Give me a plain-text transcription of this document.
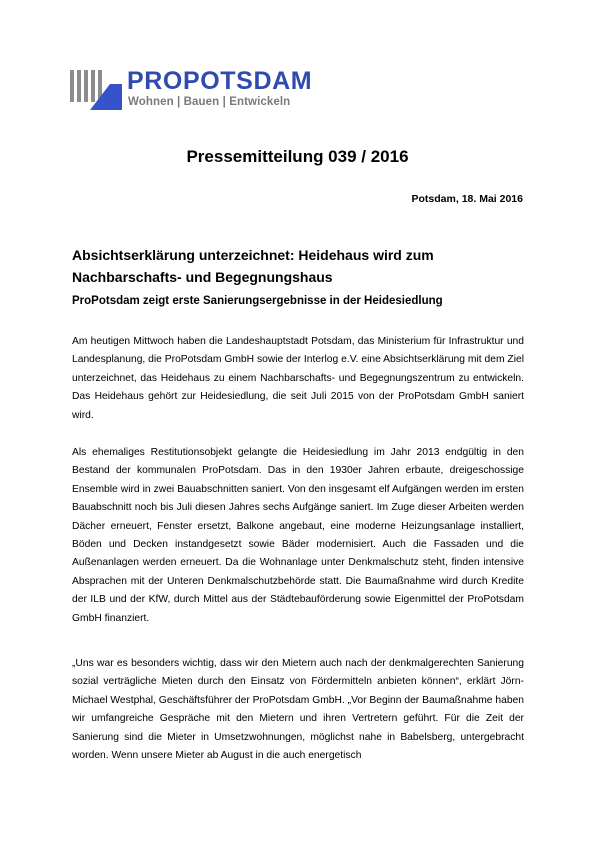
PROPOTSDAM
Wohnen | Bauen | Entwickeln
Pressemitteilung 039 / 2016

Potsdam, 18. Mai 2016

Absichtserklärung unterzeichnet: Heidehaus wird zum Nachbarschafts- und Begegnungshaus
ProPotsdam zeigt erste Sanierungsergebnisse in der Heidesiedlung

Am heutigen Mittwoch haben die Landeshauptstadt Potsdam, das Ministerium für Infrastruktur und Landesplanung, die ProPotsdam GmbH sowie der Interlog e.V. eine Absichtserklärung mit dem Ziel unterzeichnet, das Heidehaus zu einem Nachbarschafts- und Begegnungszentrum zu entwickeln. Das Heidehaus gehört zur Heidesiedlung, die seit Juli 2015 von der ProPotsdam GmbH saniert wird.

Als ehemaliges Restitutionsobjekt gelangte die Heidesiedlung im Jahr 2013 endgültig in den Bestand der kommunalen ProPotsdam. Das in den 1930er Jahren erbaute, dreigeschossige Ensemble wird in zwei Bauabschnitten saniert. Von den insgesamt elf Aufgängen werden im ersten Bauabschnitt noch bis Juli diesen Jahres sechs Aufgänge saniert. Im Zuge dieser Arbeiten werden Dächer erneuert, Fenster ersetzt, Balkone angebaut, eine moderne Heizungsanlage installiert, Böden und Decken instandgesetzt sowie Bäder modernisiert. Auch die Fassaden und die Außenanlagen werden erneuert. Da die Wohnanlage unter Denkmalschutz steht, finden intensive Absprachen mit der Unteren Denkmalschutzbehörde statt. Die Baumaßnahme wird durch Kredite der ILB und der KfW, durch Mittel aus der Städtebauförderung sowie Eigenmittel der ProPotsdam GmbH finanziert.

„Uns war es besonders wichtig, dass wir den Mietern auch nach der denkmalgerechten Sanierung sozial verträgliche Mieten durch den Einsatz von Fördermitteln anbieten können“, erklärt Jörn-Michael Westphal, Geschäftsführer der ProPotsdam GmbH. „Vor Beginn der Baumaßnahme haben wir umfangreiche Gespräche mit den Mietern und ihren Vertretern geführt. Für die Zeit der Sanierung sind die Mieter in Umsetzwohnungen, möglichst nahe in Babelsberg, untergebracht worden. Wenn unsere Mieter ab August in die auch energetisch
